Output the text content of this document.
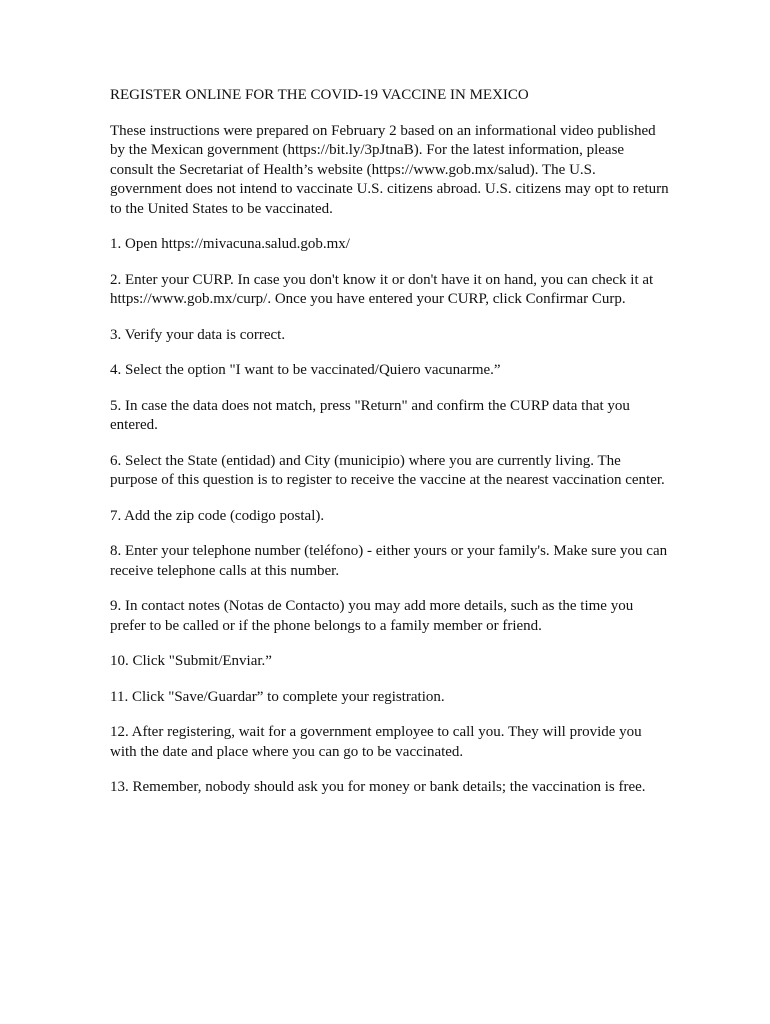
REGISTER ONLINE FOR THE COVID-19 VACCINE IN MEXICO

These instructions were prepared on February 2 based on an informational video published by the Mexican government (https://bit.ly/3pJtnaB). For the latest information, please consult the Secretariat of Health’s website (https://www.gob.mx/salud). The U.S. government does not intend to vaccinate U.S. citizens abroad. U.S. citizens may opt to return to the United States to be vaccinated.

1. Open https://mivacuna.salud.gob.mx/
2. Enter your CURP. In case you don't know it or don't have it on hand, you can check it at https://www.gob.mx/curp/. Once you have entered your CURP, click Confirmar Curp.
3. Verify your data is correct.
4. Select the option "I want to be vaccinated/Quiero vacunarme.”
5. In case the data does not match, press "Return" and confirm the CURP data that you entered.
6. Select the State (entidad) and City (municipio) where you are currently living. The purpose of this question is to register to receive the vaccine at the nearest vaccination center.
7. Add the zip code (codigo postal).
8. Enter your telephone number (teléfono) - either yours or your family's. Make sure you can receive telephone calls at this number.
9. In contact notes (Notas de Contacto) you may add more details, such as the time you prefer to be called or if the phone belongs to a family member or friend.
10. Click "Submit/Enviar.”
11. Click "Save/Guardar” to complete your registration.
12. After registering, wait for a government employee to call you. They will provide you with the date and place where you can go to be vaccinated.
13. Remember, nobody should ask you for money or bank details; the vaccination is free.
